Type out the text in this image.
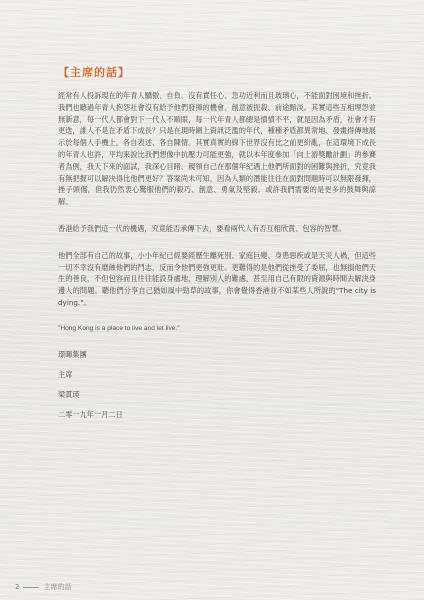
【主席的話】

經常有人投訴現在的年青人驕傲、自負、沒有責任心、急功近利而且玻璃心，不能面對困境和挫折。我們也聽過年青人抱怨社會沒有給予他們發揮的機會、創意被扼殺、前途黯淡。其實這些互相埋怨並無新意，每一代人都會對下一代人不順眼，每一代年青人都總是憤憤不平，就是因為矛盾，社會才有更迭，誰人不是在矛盾下成長？只是在現時網上資訊泛濫的年代，種種矛盾都異常地、發畫得傳地展示於每個人手機上，各自表述、各自陳情。其實真實的線下世界沒有比之前更紛亂，在這環境下成長的年青人也許，平均來說比我們想像中抗壓力可能更強，就以本年度參加「向上游獎勵計劃」的參賽者為例，我天下來的面試，我深心目睹、親領自己在那個年紀遇上他們所面對的困難與挫折，究竟我有無把握可以解決得比他們更好？答案尚未可知，因為人類的潛能往往在面對問題時可以無限發揮，挫子頭傷，但我仍然衷心驚服他們的毅巧、創意、勇氣及堅毅。或許我們需要的是更多的鼓舞與諒解。

香港給予我們這一代的機遇，究竟能否承傳下去，要看兩代人有否互相欣賞、包容的智慧。

他們全部有自己的故事，小小年紀已經要經歷生離死別、家庭巨變、身患惡疾或是天災人禍，但這些一切不幸沒有磨蝕他們的鬥志，反而令他們更強更壯。更難得的是他們從挫受了委屈，也無損他們天生的善良，不但包容而且往往能設身處地，理解別人的難處，甚至用自己有限的資源與時間去解決身邊人的問題。聽他們分享自己猶如風中勁草的故事，你會覺得香港並不如某些人所說的"The city is dying."。

"Hong Kong is a place to live and let live."

璟暉集團

主席

梁貫瑛

二零一九年一月二日

2	主席的話
